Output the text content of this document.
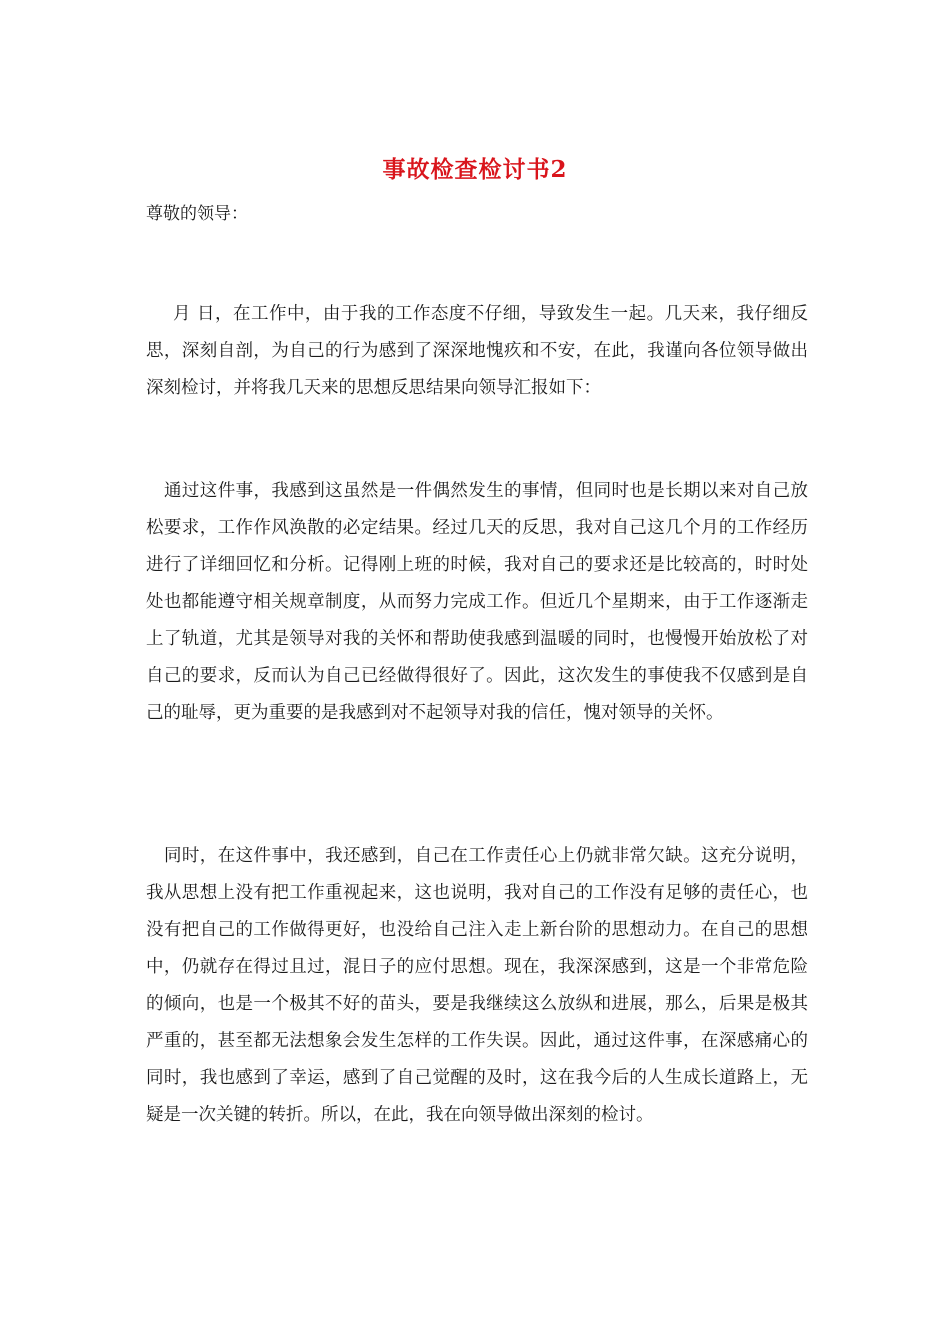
事故检查检讨书2
尊敬的领导：

月 日，在工作中，由于我的工作态度不仔细，导致发生一起。几天来，我仔细反思，深刻自剖，为自己的行为感到了深深地愧疚和不安，在此，我谨向各位领导做出深刻检讨，并将我几天来的思想反思结果向领导汇报如下：

通过这件事，我感到这虽然是一件偶然发生的事情，但同时也是长期以来对自己放松要求，工作作风涣散的必定结果。经过几天的反思，我对自己这几个月的工作经历进行了详细回忆和分析。记得刚上班的时候，我对自己的要求还是比较高的，时时处处也都能遵守相关规章制度，从而努力完成工作。但近几个星期来，由于工作逐渐走上了轨道，尤其是领导对我的关怀和帮助使我感到温暖的同时，也慢慢开始放松了对自己的要求，反而认为自己已经做得很好了。因此，这次发生的事使我不仅感到是自己的耻辱，更为重要的是我感到对不起领导对我的信任，愧对领导的关怀。

同时，在这件事中，我还感到，自己在工作责任心上仍就非常欠缺。这充分说明，我从思想上没有把工作重视起来，这也说明，我对自己的工作没有足够的责任心，也没有把自己的工作做得更好，也没给自己注入走上新台阶的思想动力。在自己的思想中，仍就存在得过且过，混日子的应付思想。现在，我深深感到，这是一个非常危险的倾向，也是一个极其不好的苗头，要是我继续这么放纵和进展，那么，后果是极其严重的，甚至都无法想象会发生怎样的工作失误。因此，通过这件事，在深感痛心的同时，我也感到了幸运，感到了自己觉醒的及时，这在我今后的人生成长道路上，无疑是一次关键的转折。所以，在此，我在向领导做出深刻的检讨。
